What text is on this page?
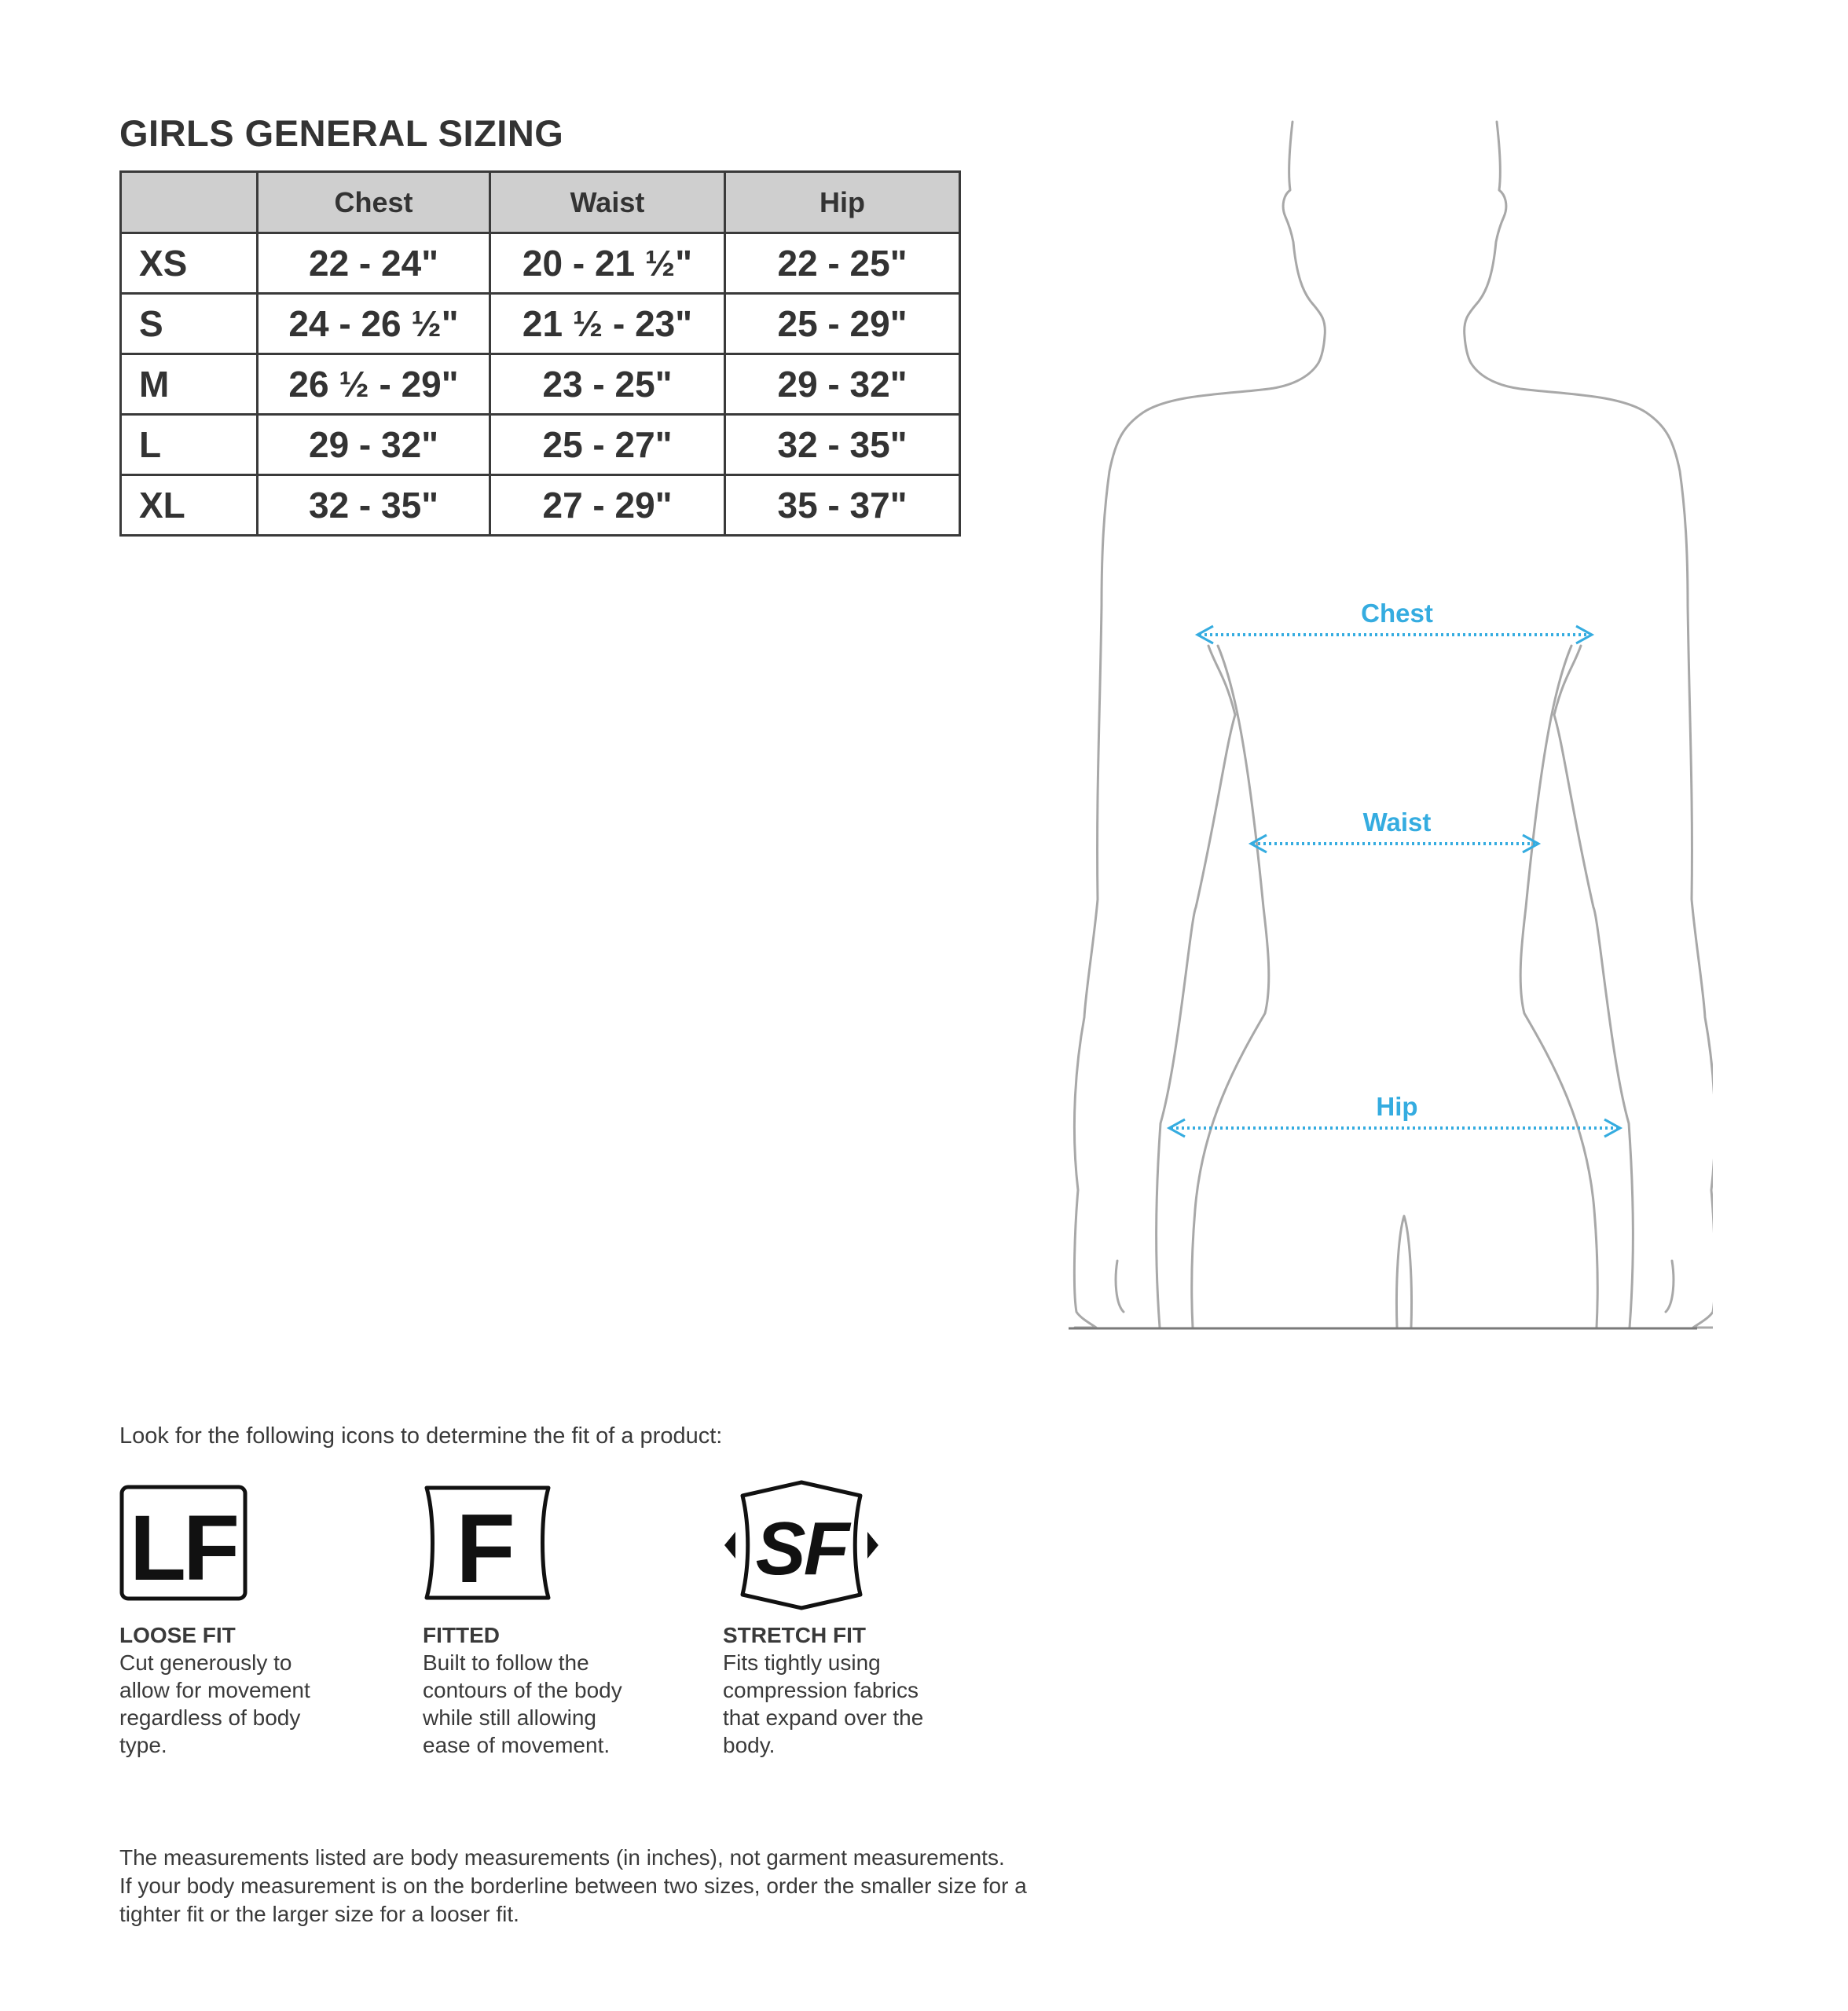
GIRLS GENERAL SIZING
	Chest	Waist	Hip
XS	22 - 24"	20 - 21 ½"	22 - 25"
S	24 - 26 ½"	21 ½ - 23"	25 - 29"
M	26 ½ - 29"	23 - 25"	29 - 32"
L	29 - 32"	25 - 27"	32 - 35"
XL	32 - 35"	27 - 29"	35 - 37"
Chest
Waist
Hip
Look for the following icons to determine the fit of a product:
LF
LOOSE FIT
Cut generously to
allow for movement
regardless of body
type.
F
FITTED
Built to follow the
contours of the body
while still allowing
ease of movement.
SF
STRETCH FIT
Fits tightly using
compression fabrics
that expand over the
body.
The measurements listed are body measurements (in inches), not garment measurements.
If your body measurement is on the borderline between two sizes, order the smaller size for a
tighter fit or the larger size for a looser fit.
